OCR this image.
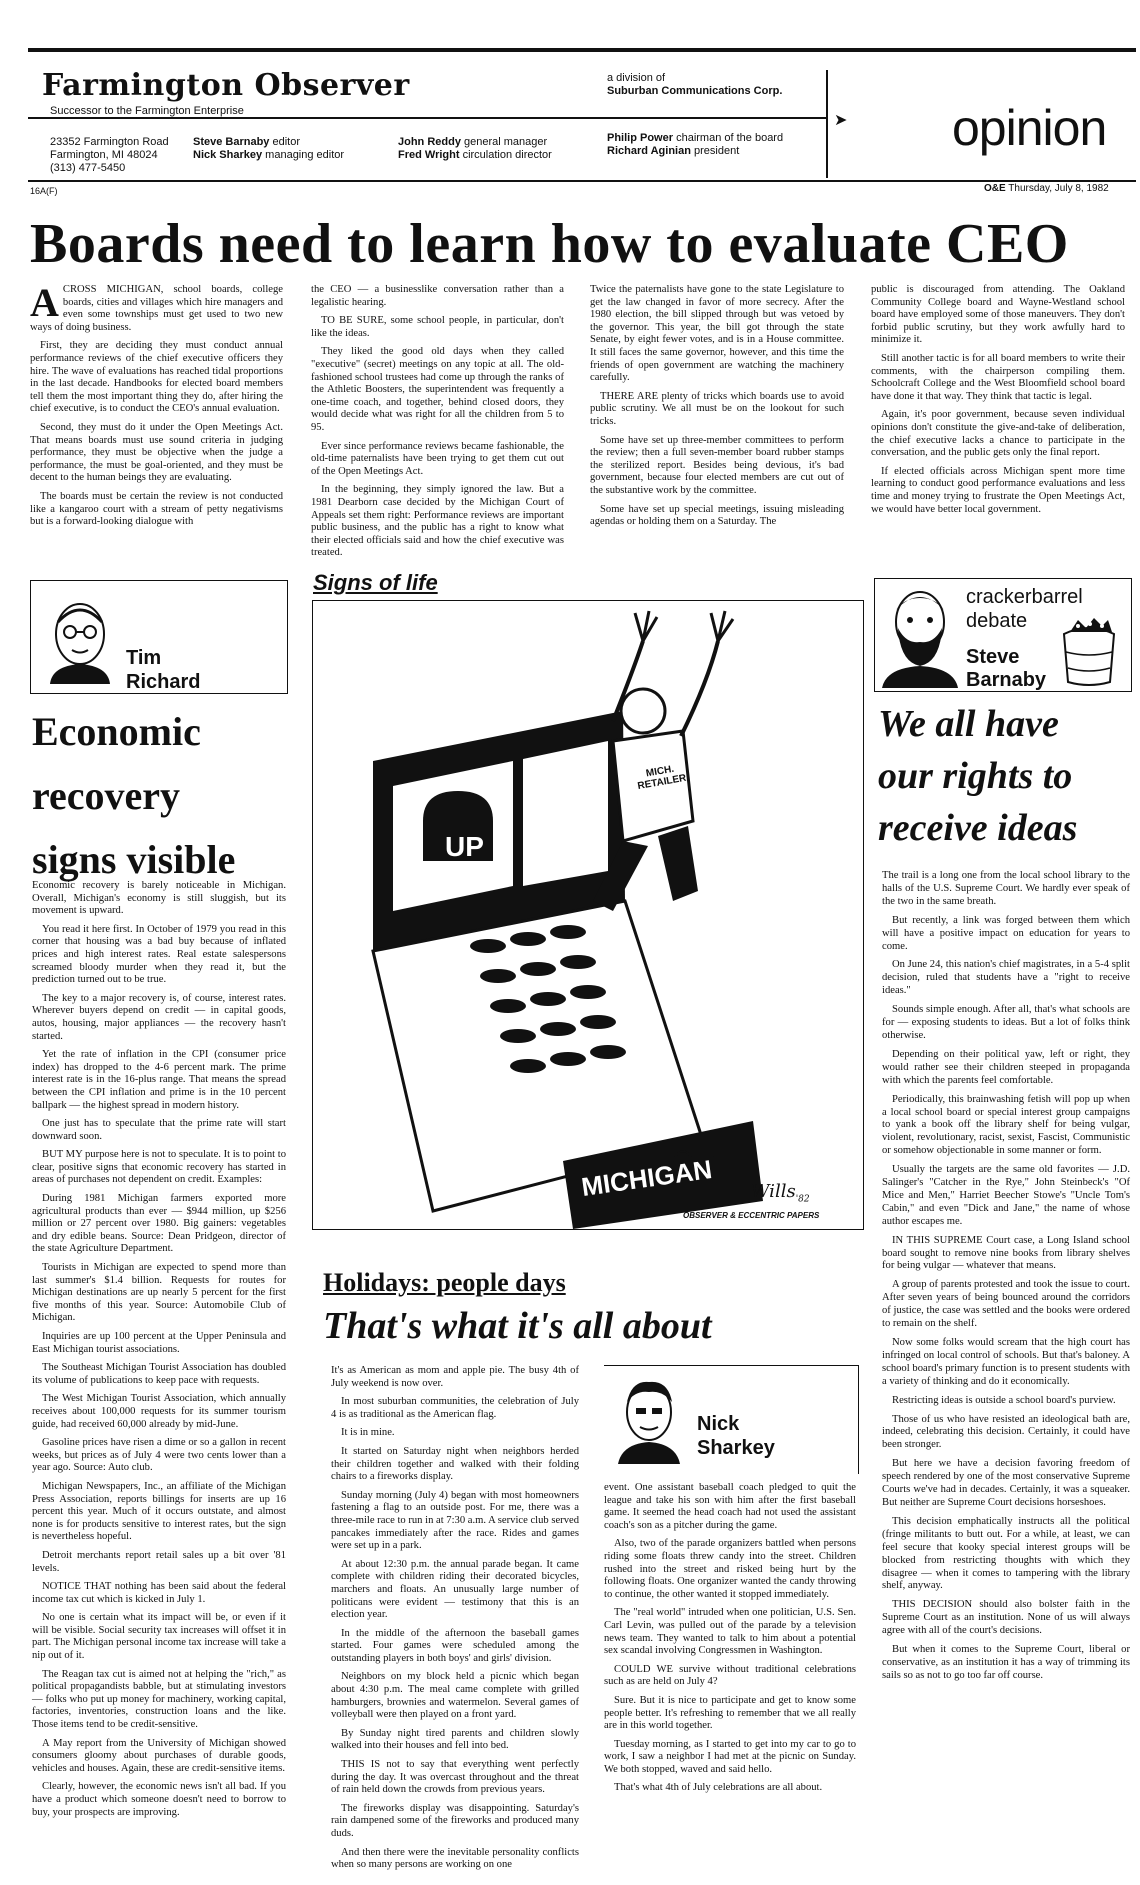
Farmington Observer
Successor to the Farmington Enterprise
23352 Farmington Road
Farmington, MI 48024
(313) 477-5450
Steve Barnaby editor
Nick Sharkey managing editor
John Reddy general manager
Fred Wright circulation director
a division of
Suburban Communications Corp.
Philip Power chairman of the board
Richard Aginian president
➤ opinion
16A(F)	O&E Thursday, July 8, 1982
Boards need to learn how to evaluate CEO

ACROSS MICHIGAN, school boards, college boards, cities and villages which hire managers and even some townships must get used to two new ways of doing business.

First, they are deciding they must conduct annual performance reviews of the chief executive officers they hire. The wave of evaluations has reached tidal proportions in the last decade. Handbooks for elected board members tell them the most important thing they do, after hiring the chief executive, is to conduct the CEO's annual evaluation.

Second, they must do it under the Open Meetings Act. That means boards must use sound criteria in judging performance, they must be objective when the judge a performance, the must be goal-oriented, and they must be decent to the human beings they are evaluating.

The boards must be certain the review is not conducted like a kangaroo court with a stream of petty negativisms but is a forward-looking dialogue with

the CEO — a businesslike conversation rather than a legalistic hearing.

TO BE SURE, some school people, in particular, don't like the ideas.

They liked the good old days when they called "executive" (secret) meetings on any topic at all. The old-fashioned school trustees had come up through the ranks of the Athletic Boosters, the superintendent was frequently a one-time coach, and together, behind closed doors, they would decide what was right for all the children from 5 to 95.

Ever since performance reviews became fashionable, the old-time paternalists have been trying to get them cut out of the Open Meetings Act.

In the beginning, they simply ignored the law. But a 1981 Dearborn case decided by the Michigan Court of Appeals set them right: Performance reviews are important public business, and the public has a right to know what their elected officials said and how the chief executive was treated.

Twice the paternalists have gone to the state Legislature to get the law changed in favor of more secrecy. After the 1980 election, the bill slipped through but was vetoed by the governor. This year, the bill got through the state Senate, by eight fewer votes, and is in a House committee. It still faces the same governor, however, and this time the friends of open government are watching the machinery carefully.

THERE ARE plenty of tricks which boards use to avoid public scrutiny. We all must be on the lookout for such tricks.

Some have set up three-member committees to perform the review; then a full seven-member board rubber stamps the sterilized report. Besides being devious, it's bad government, because four elected members are cut out of the substantive work by the committee.

Some have set up special meetings, issuing misleading agendas or holding them on a Saturday. The

public is discouraged from attending. The Oakland Community College board and Wayne-Westland school board have employed some of those maneuvers. They don't forbid public scrutiny, but they work awfully hard to minimize it.

Still another tactic is for all board members to write their comments, with the chairperson compiling them. Schoolcraft College and the West Bloomfield school board have done it that way. They think that tactic is legal.

Again, it's poor government, because seven individual opinions don't constitute the give-and-take of deliberation, the chief executive lacks a chance to participate in the conversation, and the public gets only the final report.

If elected officials across Michigan spent more time learning to conduct good performance evaluations and less time and money trying to frustrate the Open Meetings Act, we would have better local government.

Tim
Richard
Economic
recovery
signs visible

Economic recovery is barely noticeable in Michigan. Overall, Michigan's economy is still sluggish, but its movement is upward.

You read it here first. In October of 1979 you read in this corner that housing was a bad buy because of inflated prices and high interest rates. Real estate salespersons screamed bloody murder when they read it, but the prediction turned out to be true.

The key to a major recovery is, of course, interest rates. Wherever buyers depend on credit — in capital goods, autos, housing, major appliances — the recovery hasn't started.

Yet the rate of inflation in the CPI (consumer price index) has dropped to the 4-6 percent mark. The prime interest rate is in the 16-plus range. That means the spread between the CPI inflation and prime is in the 10 percent ballpark — the highest spread in modern history.

One just has to speculate that the prime rate will start downward soon.

BUT MY purpose here is not to speculate. It is to point to clear, positive signs that economic recovery has started in areas of purchases not dependent on credit. Examples:

During 1981 Michigan farmers exported more agricultural products than ever — $944 million, up $256 million or 27 percent over 1980. Big gainers: vegetables and dry edible beans. Source: Dean Pridgeon, director of the state Agriculture Department.

Tourists in Michigan are expected to spend more than last summer's $1.4 billion. Requests for routes for Michigan destinations are up nearly 5 percent for the first five months of this year. Source: Automobile Club of Michigan.

Inquiries are up 100 percent at the Upper Peninsula and East Michigan tourist associations.

The Southeast Michigan Tourist Association has doubled its volume of publications to keep pace with requests.

The West Michigan Tourist Association, which annually receives about 100,000 requests for its summer tourism guide, had received 60,000 already by mid-June.

Gasoline prices have risen a dime or so a gallon in recent weeks, but prices as of July 4 were two cents lower than a year ago. Source: Auto club.

Michigan Newspapers, Inc., an affiliate of the Michigan Press Association, reports billings for inserts are up 16 percent this year. Much of it occurs outstate, and almost none is for products sensitive to interest rates, but the sign is nevertheless hopeful.

Detroit merchants report retail sales up a bit over '81 levels.

NOTICE THAT nothing has been said about the federal income tax cut which is kicked in July 1.

No one is certain what its impact will be, or even if it will be visible. Social security tax increases will offset it in part. The Michigan personal income tax increase will take a nip out of it.

The Reagan tax cut is aimed not at helping the "rich," as political propagandists babble, but at stimulating investors — folks who put up money for machinery, working capital, factories, inventories, construction loans and the like. Those items tend to be credit-sensitive.

A May report from the University of Michigan showed consumers gloomy about purchases of durable goods, vehicles and houses. Again, these are credit-sensitive items.

Clearly, however, the economic news isn't all bad. If you have a product which someone doesn't need to borrow to buy, your prospects are improving.

Signs of life
UP
MICH. RETAILER
MICHIGAN Wills$_{'82}$
OBSERVER & ECCENTRIC PAPERS
Holidays: people days
That's what it's all about

It's as American as mom and apple pie. The busy 4th of July weekend is now over.

In most suburban communities, the celebration of July 4 is as traditional as the American flag.

It is in mine.

It started on Saturday night when neighbors herded their children together and walked with their folding chairs to a fireworks display.

Sunday morning (July 4) began with most homeowners fastening a flag to an outside post. For me, there was a three-mile race to run in at 7:30 a.m. A service club served pancakes immediately after the race. Rides and games were set up in a park.

At about 12:30 p.m. the annual parade began. It came complete with children riding their decorated bicycles, marchers and floats. An unusually large number of politicans were evident — testimony that this is an election year.

In the middle of the afternoon the baseball games started. Four games were scheduled among the outstanding players in both boys' and girls' division.

Neighbors on my block held a picnic which began about 4:30 p.m. The meal came complete with grilled hamburgers, brownies and watermelon. Several games of volleyball were then played on a front yard.

By Sunday night tired parents and children slowly walked into their houses and fell into bed.

THIS IS not to say that everything went perfectly during the day. It was overcast throughout and the threat of rain held down the crowds from previous years.

The fireworks display was disappointing. Saturday's rain dampened some of the fireworks and produced many duds.

And then there were the inevitable personality conflicts when so many persons are working on one

Nick
Sharkey

event. One assistant baseball coach pledged to quit the league and take his son with him after the first baseball game. It seemed the head coach had not used the assistant coach's son as a pitcher during the game.

Also, two of the parade organizers battled when persons riding some floats threw candy into the street. Children rushed into the street and risked being hurt by the following floats. One organizer wanted the candy throwing to continue, the other wanted it stopped immediately.

The "real world" intruded when one politician, U.S. Sen. Carl Levin, was pulled out of the parade by a television news team. They wanted to talk to him about a potential sex scandal involving Congressmen in Washington.

COULD WE survive without traditional celebrations such as are held on July 4?

Sure. But it is nice to participate and get to know some people better. It's refreshing to remember that we all really are in this world together.

Tuesday morning, as I started to get into my car to go to work, I saw a neighbor I had met at the picnic on Sunday. We both stopped, waved and said hello.

That's what 4th of July celebrations are all about.

crackerbarrel
debate
Steve
Barnaby
We all have
our rights to
receive ideas

The trail is a long one from the local school library to the halls of the U.S. Supreme Court. We hardly ever speak of the two in the same breath.

But recently, a link was forged between them which will have a positive impact on education for years to come.

On June 24, this nation's chief magistrates, in a 5-4 split decision, ruled that students have a "right to receive ideas."

Sounds simple enough. After all, that's what schools are for — exposing students to ideas. But a lot of folks think otherwise.

Depending on their political yaw, left or right, they would rather see their children steeped in propaganda with which the parents feel comfortable.

Periodically, this brainwashing fetish will pop up when a local school board or special interest group campaigns to yank a book off the library shelf for being vulgar, violent, revolutionary, racist, sexist, Fascist, Communistic or somehow objectionable in some manner or form.

Usually the targets are the same old favorites — J.D. Salinger's "Catcher in the Rye," John Steinbeck's "Of Mice and Men," Harriet Beecher Stowe's "Uncle Tom's Cabin," and even "Dick and Jane," the name of whose author escapes me.

IN THIS SUPREME Court case, a Long Island school board sought to remove nine books from library shelves for being vulgar — whatever that means.

A group of parents protested and took the issue to court. After seven years of being bounced around the corridors of justice, the case was settled and the books were ordered to remain on the shelf.

Now some folks would scream that the high court has infringed on local control of schools. But that's baloney. A school board's primary function is to present students with a variety of thinking and do it economically.

Restricting ideas is outside a school board's purview.

Those of us who have resisted an ideological bath are, indeed, celebrating this decision. Certainly, it could have been stronger.

But here we have a decision favoring freedom of speech rendered by one of the most conservative Supreme Courts we've had in decades. Certainly, it was a squeaker. But neither are Supreme Court decisions horseshoes.

This decision emphatically instructs all the political (fringe militants to butt out. For a while, at least, we can feel secure that kooky special interest groups will be blocked from restricting thoughts with which they disagree — when it comes to tampering with the library shelf, anyway.

THIS DECISION should also bolster faith in the Supreme Court as an institution. None of us will always agree with all of the court's decisions.

But when it comes to the Supreme Court, liberal or conservative, as an institution it has a way of trimming its sails so as not to go too far off course.
